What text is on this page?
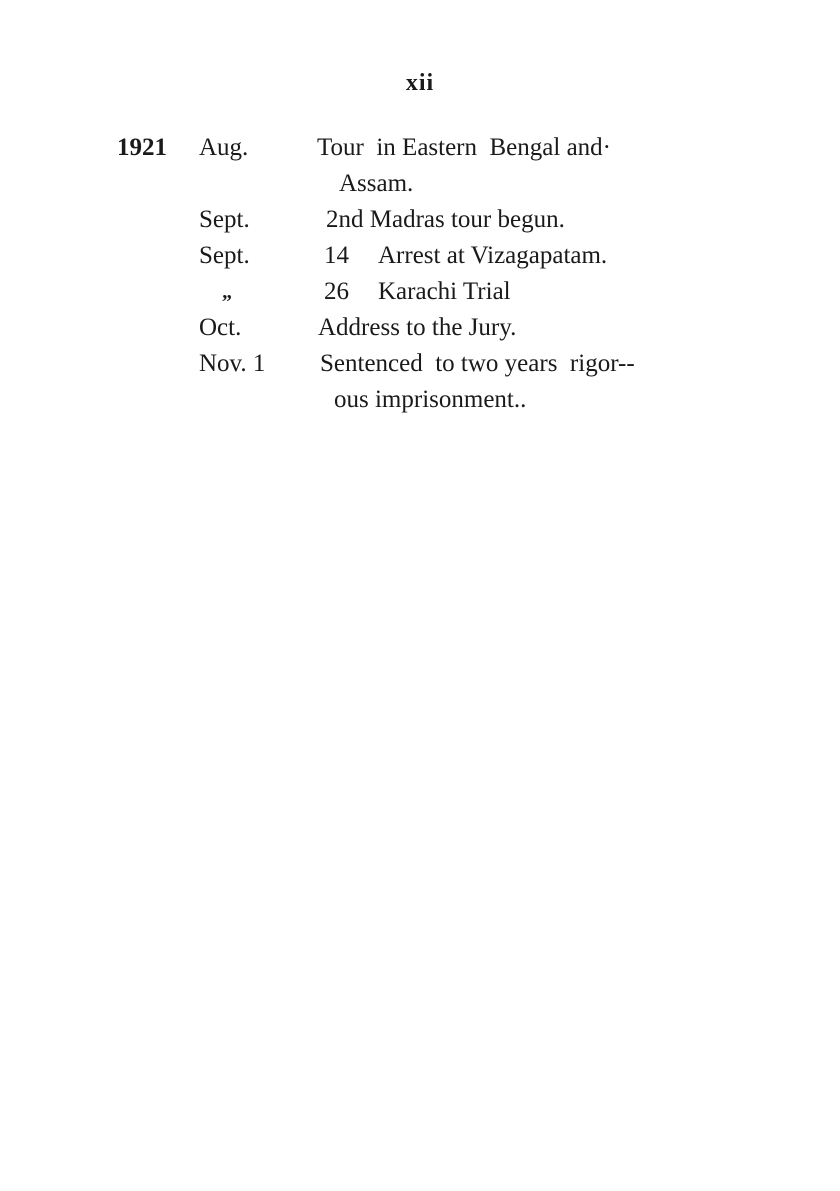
xii
1921 Aug.	Tour  in Eastern  Bengal and·
Assam.
Sept.	2nd Madras tour begun.
Sept.	14 Arrest at Vizagapatam.
„	26 Karachi Trial
Oct.	Address to the Jury.
Nov. 1 Sentenced  to two years  rigor--
ous imprisonment..
